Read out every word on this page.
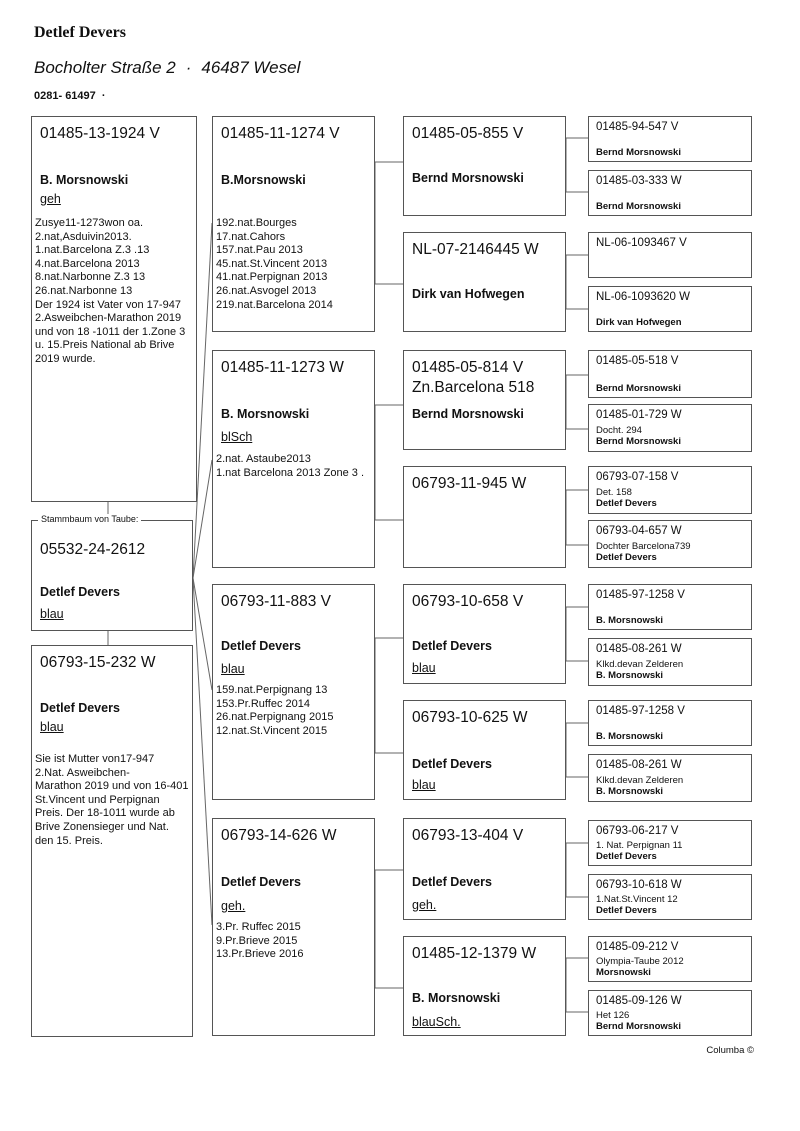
Detlef Devers
Bocholter Straße 2 · 46487 Wesel
0281- 61497 ·
01485-13-1924 V
B. Morsnowski
geh
Zusye11-1273won oa.
2.nat,Asduivin2013.
1.nat.Barcelona Z.3 .13
4.nat.Barcelona 2013
8.nat.Narbonne Z.3 13
26.nat.Narbonne 13
Der 1924 ist Vater von 17-947 2.Asweibchen-Marathon 2019 und von 18 -1011 der 1.Zone 3 u. 15.Preis National ab Brive 2019 wurde.
05532-24-2612
Detlef Devers
blau
Stammbaum von Taube:
06793-15-232 W
Detlef Devers
blau
Sie ist Mutter von17-947
2.Nat. Asweibchen-
Marathon 2019 und von 16-401 St.Vincent und Perpignan Preis. Der 18-1011 wurde ab Brive Zonensieger und Nat. den 15. Preis.
01485-11-1274 V
B.Morsnowski
192.nat.Bourges
17.nat.Cahors
157.nat.Pau 2013
45.nat.St.Vincent 2013
41.nat.Perpignan 2013
26.nat.Asvogel 2013
219.nat.Barcelona 2014
01485-11-1273 W
B. Morsnowski
blSch
2.nat. Astaube2013
1.nat Barcelona 2013 Zone 3 .
06793-11-883 V
Detlef Devers
blau
159.nat.Perpignang 13
153.Pr.Ruffec 2014
26.nat.Perpignang 2015
12.nat.St.Vincent 2015
06793-14-626 W
Detlef Devers
geh.
3.Pr. Ruffec 2015
9.Pr.Brieve 2015
13.Pr.Brieve 2016
01485-05-855 V
Bernd Morsnowski
NL-07-2146445 W
Dirk van Hofwegen
01485-05-814 V
Zn.Barcelona 518
Bernd Morsnowski
06793-11-945 W
06793-10-658 V
Detlef Devers
blau
06793-10-625 W
Detlef Devers
blau
06793-13-404 V
Detlef Devers
geh.
01485-12-1379 W
B. Morsnowski
blauSch.
01485-94-547 V
Bernd Morsnowski
01485-03-333 W
Bernd Morsnowski
NL-06-1093467 V
NL-06-1093620 W
Dirk van Hofwegen
01485-05-518 V
Bernd Morsnowski
01485-01-729 W
Docht. 294
Bernd Morsnowski
06793-07-158 V
Det. 158
Detlef Devers
06793-04-657 W
Dochter Barcelona739
Detlef Devers
01485-97-1258 V
B. Morsnowski
01485-08-261 W
Klkd.devan Zelderen
B. Morsnowski
01485-97-1258 V
B. Morsnowski
01485-08-261 W
Klkd.devan Zelderen
B. Morsnowski
06793-06-217 V
1. Nat. Perpignan 11
Detlef Devers
06793-10-618 W
1.Nat.St.Vincent 12
Detlef Devers
01485-09-212 V
Olympia-Taube 2012
Morsnowski
01485-09-126 W
Het 126
Bernd Morsnowski
Columba ©
